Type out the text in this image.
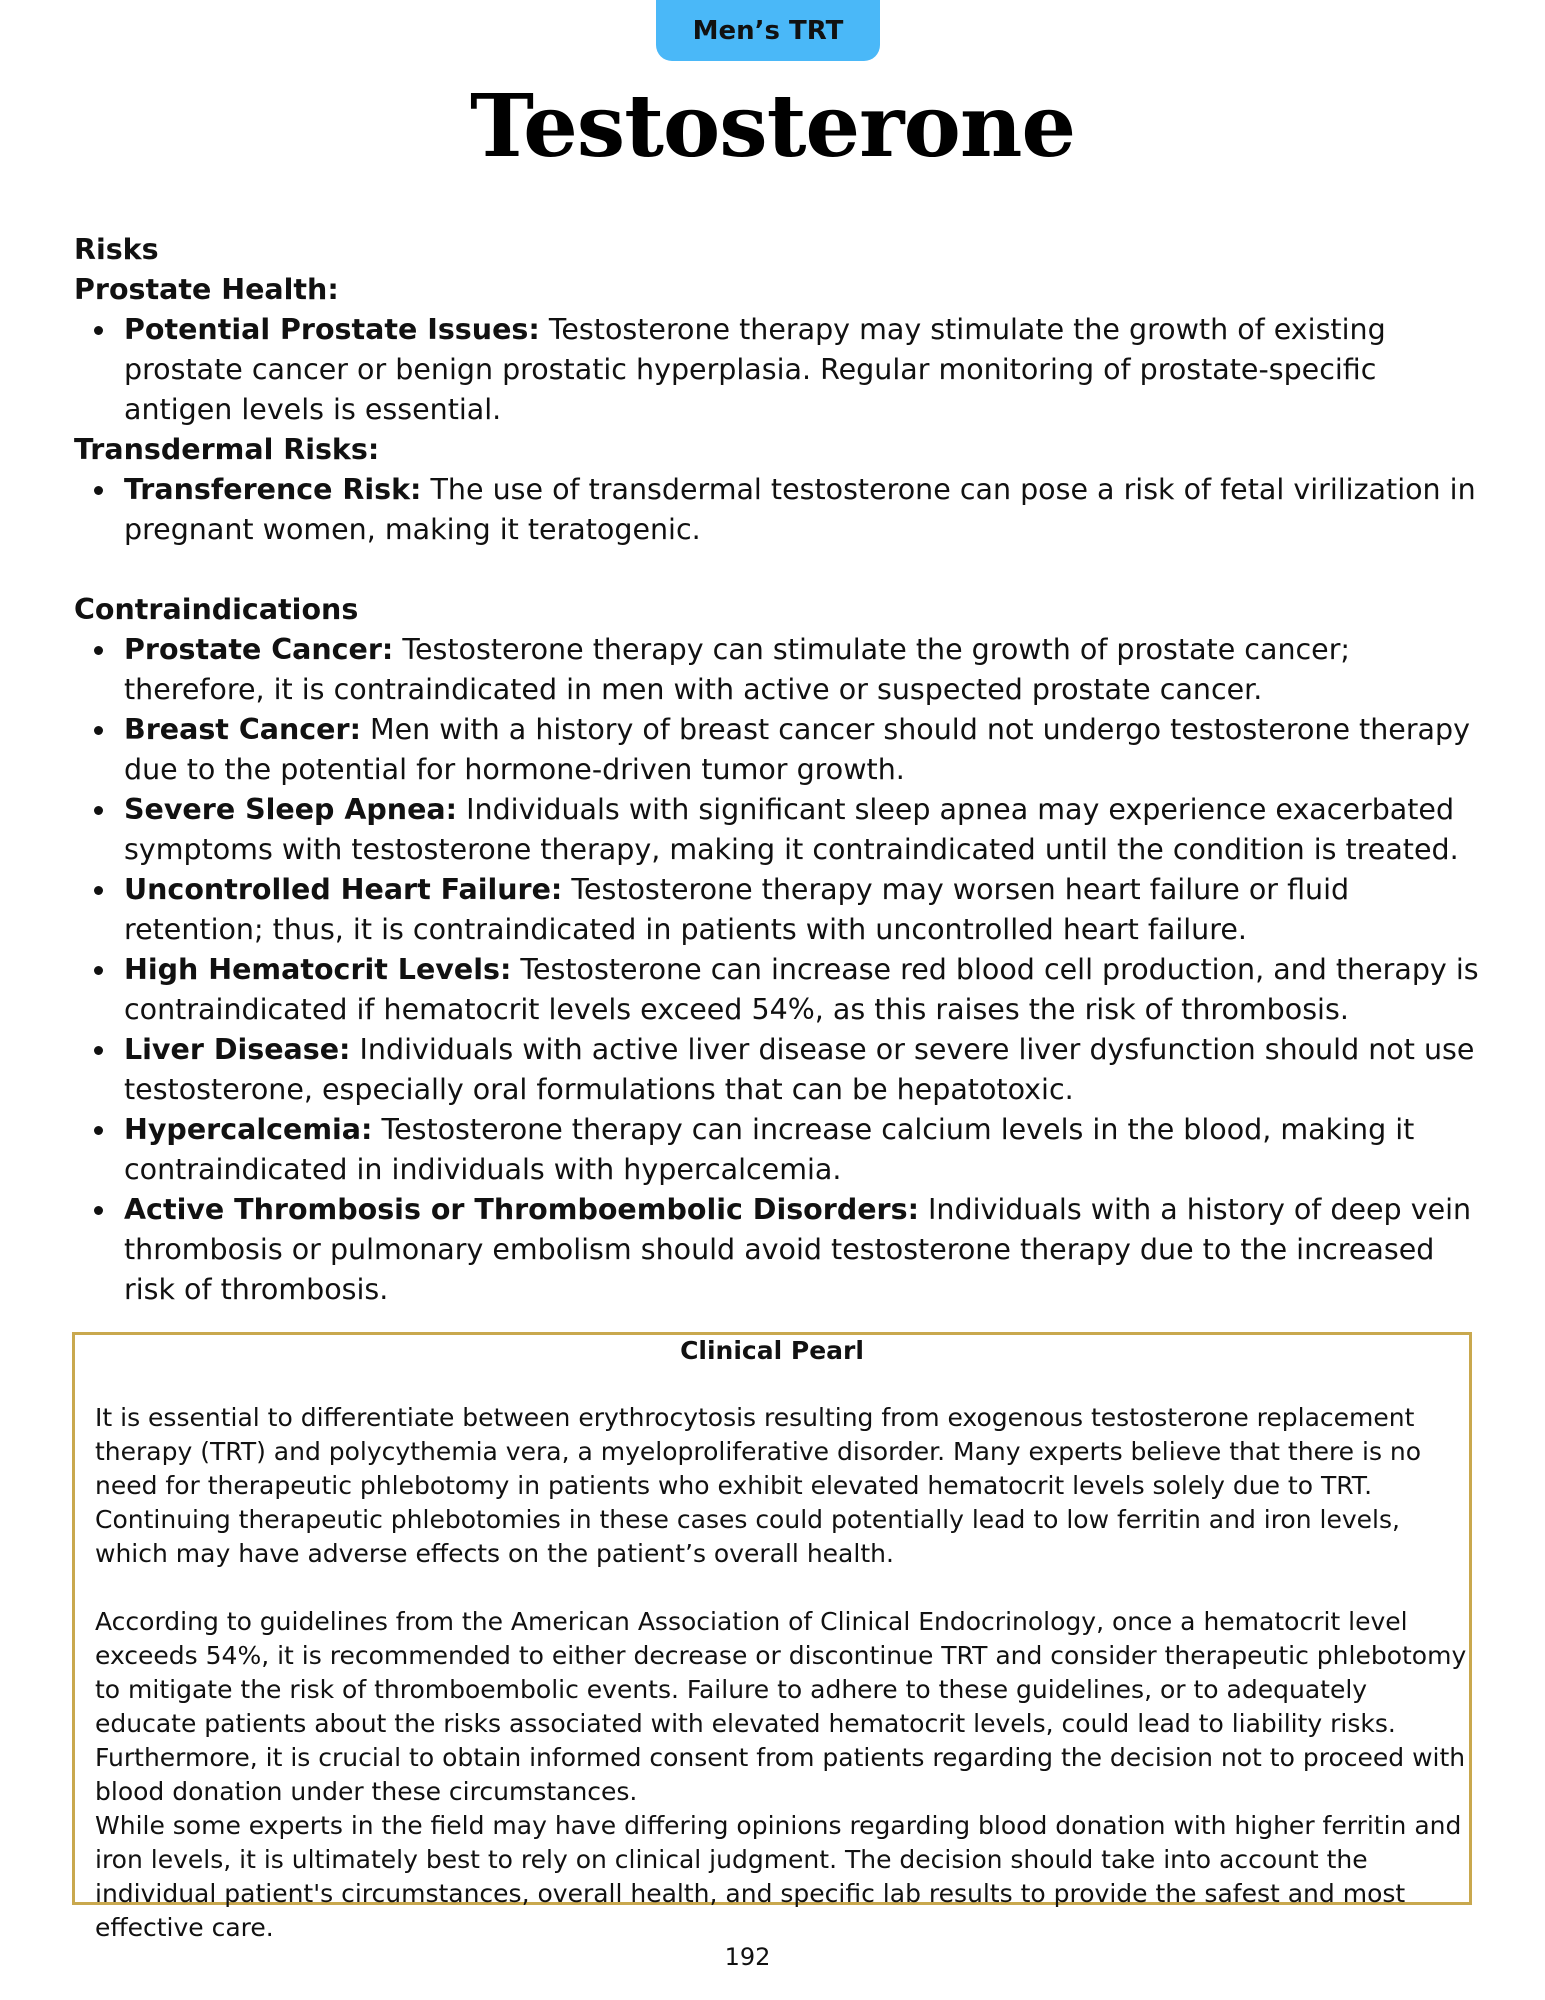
Men’s TRT
Testosterone

Risks

Prostate Health:

Potential Prostate Issues: Testosterone therapy may stimulate the growth of existing prostate cancer or benign prostatic hyperplasia. Regular monitoring of prostate-specific antigen levels is essential.

Transdermal Risks:

Transference Risk: The use of transdermal testosterone can pose a risk of fetal virilization in pregnant women, making it teratogenic.

Contraindications

Prostate Cancer: Testosterone therapy can stimulate the growth of prostate cancer; therefore, it is contraindicated in men with active or suspected prostate cancer.
Breast Cancer: Men with a history of breast cancer should not undergo testosterone therapy due to the potential for hormone-driven tumor growth.
Severe Sleep Apnea: Individuals with significant sleep apnea may experience exacerbated symptoms with testosterone therapy, making it contraindicated until the condition is treated.
Uncontrolled Heart Failure: Testosterone therapy may worsen heart failure or fluid retention; thus, it is contraindicated in patients with uncontrolled heart failure.
High Hematocrit Levels: Testosterone can increase red blood cell production, and therapy is contraindicated if hematocrit levels exceed 54%, as this raises the risk of thrombosis.
Liver Disease: Individuals with active liver disease or severe liver dysfunction should not use testosterone, especially oral formulations that can be hepatotoxic.
Hypercalcemia: Testosterone therapy can increase calcium levels in the blood, making it contraindicated in individuals with hypercalcemia.
Active Thrombosis or Thromboembolic Disorders: Individuals with a history of deep vein thrombosis or pulmonary embolism should avoid testosterone therapy due to the increased risk of thrombosis.
Clinical Pearl

It is essential to differentiate between erythrocytosis resulting from exogenous testosterone replacement therapy (TRT) and polycythemia vera, a myeloproliferative disorder. Many experts believe that there is no need for therapeutic phlebotomy in patients who exhibit elevated hematocrit levels solely due to TRT. Continuing therapeutic phlebotomies in these cases could potentially lead to low ferritin and iron levels, which may have adverse effects on the patient’s overall health.

According to guidelines from the American Association of Clinical Endocrinology, once a hematocrit level exceeds 54%, it is recommended to either decrease or discontinue TRT and consider therapeutic phlebotomy to mitigate the risk of thromboembolic events. Failure to adhere to these guidelines, or to adequately educate patients about the risks associated with elevated hematocrit levels, could lead to liability risks. Furthermore, it is crucial to obtain informed consent from patients regarding the decision not to proceed with blood donation under these circumstances.

While some experts in the field may have differing opinions regarding blood donation with higher ferritin and iron levels, it is ultimately best to rely on clinical judgment. The decision should take into account the individual patient's circumstances, overall health, and specific lab results to provide the safest and most effective care.

192
